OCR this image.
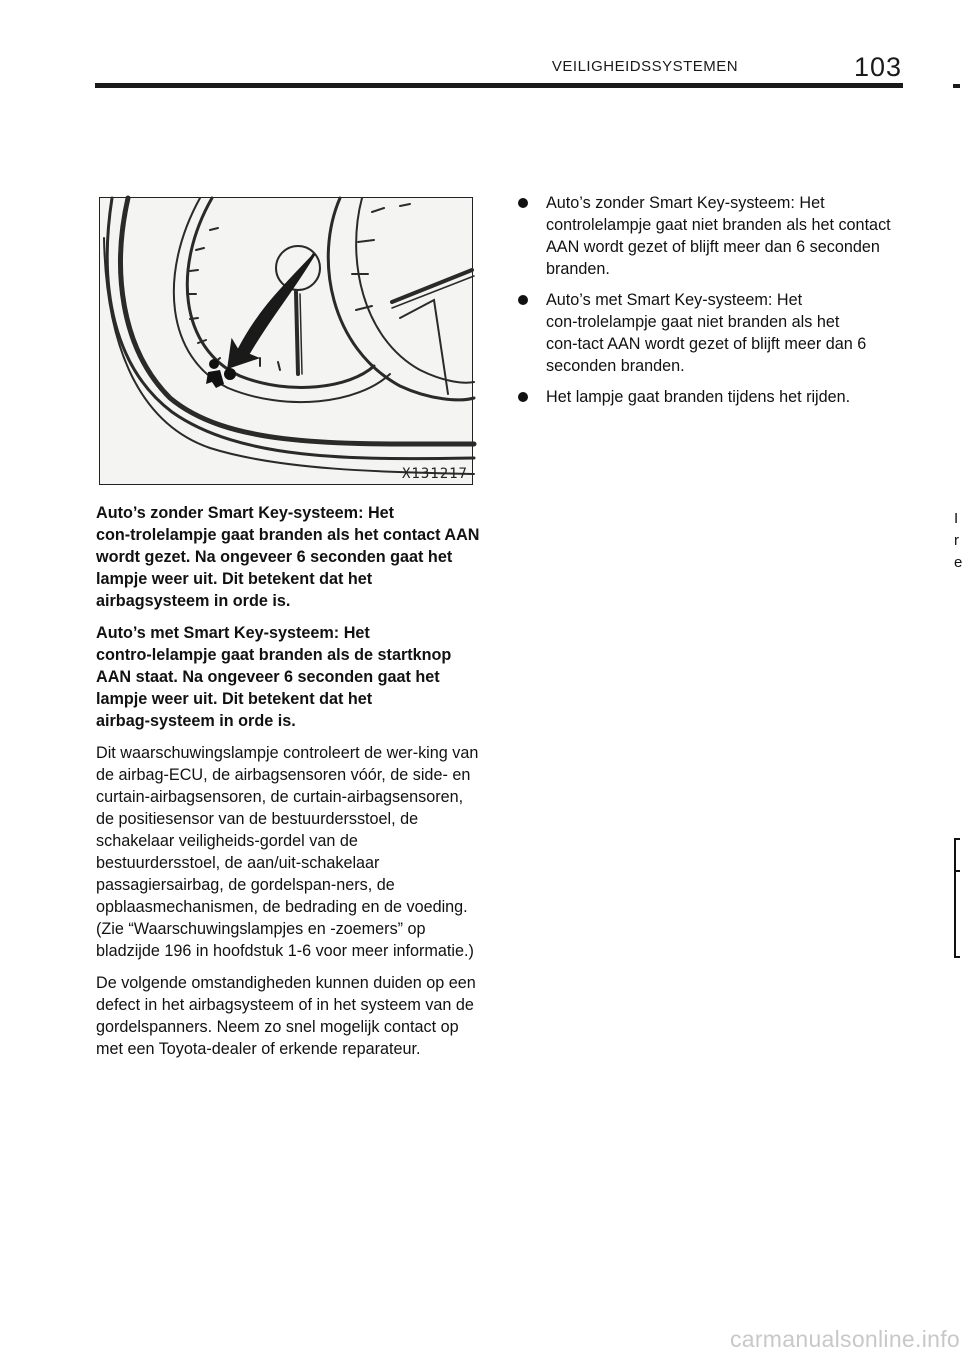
VEILIGHEIDSSYSTEMEN	103
X131217

Auto’s zonder Smart Key-systeem: Het con‑trolelampje gaat branden als het contact AAN wordt gezet. Na ongeveer 6 seconden gaat het lampje weer uit. Dit betekent dat het airbagsysteem in orde is.

Auto’s met Smart Key-systeem: Het contro‑lelampje gaat branden als de startknop AAN staat. Na ongeveer 6 seconden gaat het lampje weer uit. Dit betekent dat het airbag‑systeem in orde is.

Dit waarschuwingslampje controleert de wer‑king van de airbag-ECU, de airbagsensoren vóór, de side- en curtain-airbagsensoren, de curtain-airbagsensoren, de positiesensor van de bestuurdersstoel, de schakelaar veiligheids‑gordel van de bestuurdersstoel, de aan/uit-schakelaar passagiersairbag, de gordelspan‑ners, de opblaasmechanismen, de bedrading en de voeding. (Zie “Waarschuwingslampjes en -zoemers” op bladzijde 196 in hoofdstuk 1-6 voor meer informatie.)

De volgende omstandigheden kunnen duiden op een defect in het airbagsysteem of in het systeem van de gordelspanners. Neem zo snel mogelijk contact op met een Toyota-dealer of erkende reparateur.

Auto’s zonder Smart Key-systeem: Het controlelampje gaat niet branden als het contact AAN wordt gezet of blijft meer dan 6 seconden branden.
Auto’s met Smart Key-systeem: Het con‑trolelampje gaat niet branden als het con‑tact AAN wordt gezet of blijft meer dan 6 seconden branden.
Het lampje gaat branden tijdens het rijden.
I
r
e
carmanualsonline.info
